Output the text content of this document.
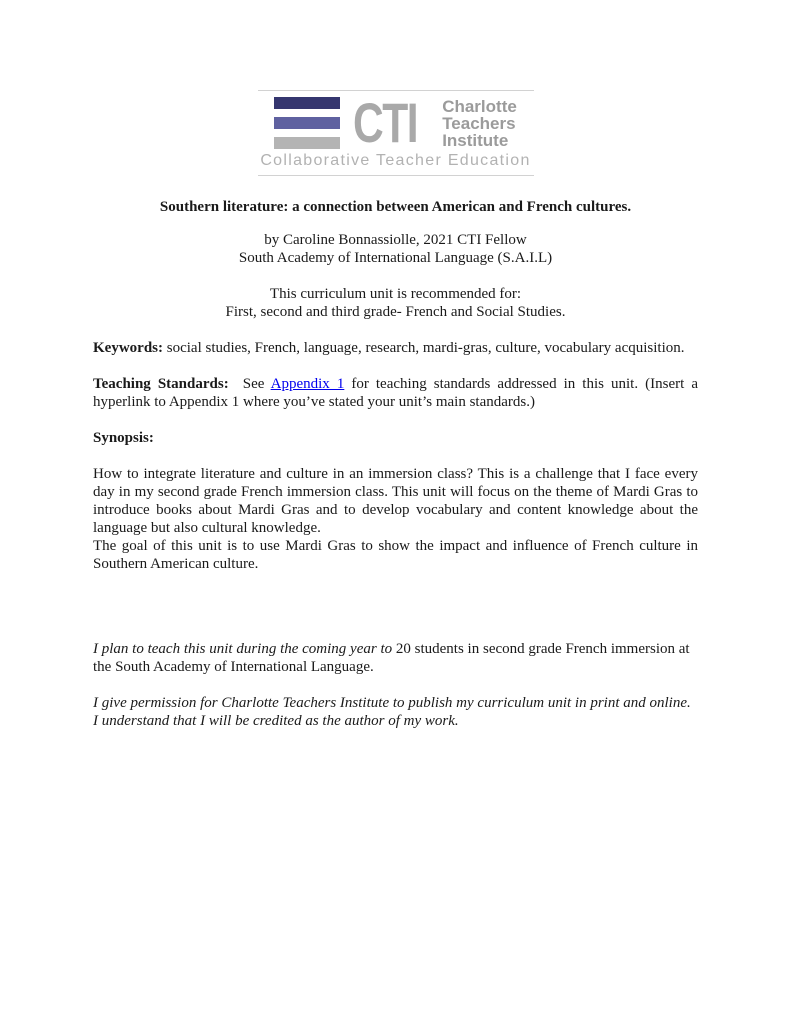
CTI Charlotte
Teachers
Institute
Collaborative Teacher Education

Southern literature: a connection between American and French cultures.

by Caroline Bonnassiolle, 2021 CTI Fellow
South Academy of International Language (S.A.I.L)

This curriculum unit is recommended for:
First, second and third grade- French and Social Studies.

Keywords: social studies, French, language, research, mardi-gras, culture, vocabulary acquisition.

Teaching Standards:  See Appendix 1 for teaching standards addressed in this unit. (Insert a hyperlink to Appendix 1 where you’ve stated your unit’s main standards.)

Synopsis:

How to integrate literature and culture in an immersion class? This is a challenge that I face every day in my second grade French immersion class. This unit will focus on the theme of Mardi Gras to introduce books about Mardi Gras and to develop vocabulary and content knowledge about the language but also cultural knowledge.

The goal of this unit is to use Mardi Gras to show the impact and influence of French culture in Southern American culture.

I plan to teach this unit during the coming year to 20 students in second grade French immersion at the South Academy of International Language.

I give permission for Charlotte Teachers Institute to publish my curriculum unit in print and online. I understand that I will be credited as the author of my work.
